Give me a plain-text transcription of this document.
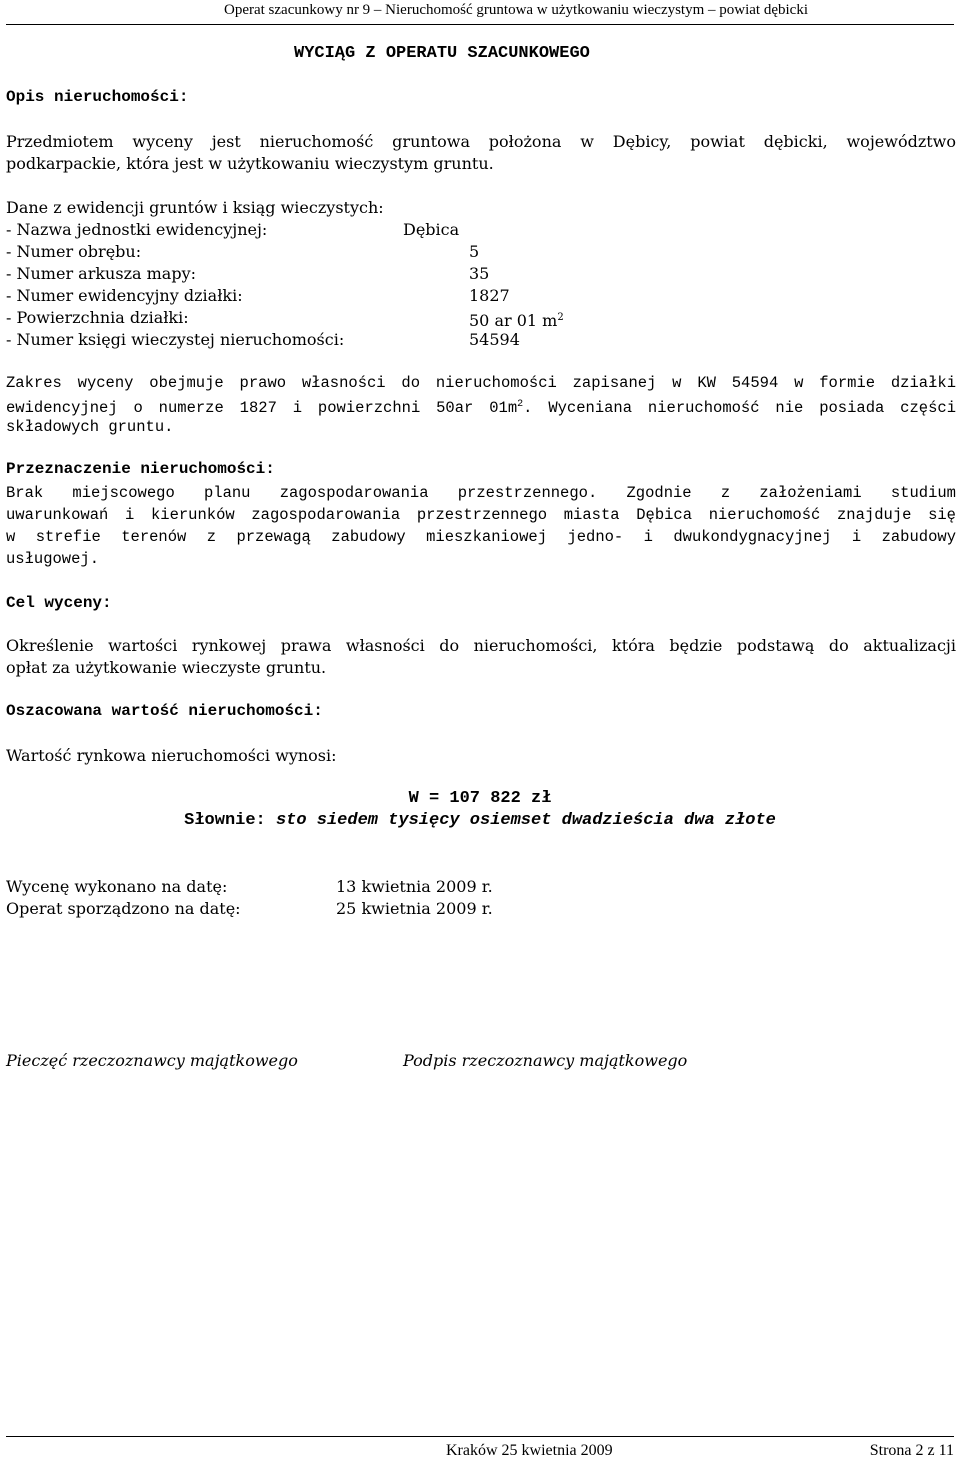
Operat szacunkowy nr 9 – Nieruchomość gruntowa w użytkowaniu wieczystym – powiat dębicki
WYCIĄG Z OPERATU SZACUNKOWEGO
Opis nieruchomości:
Przedmiotem wyceny jest nieruchomość gruntowa położona w Dębicy, powiat dębicki, województwo
podkarpackie, która jest w użytkowaniu wieczystym gruntu.
Dane z ewidencji gruntów i ksiąg wieczystych:
- Nazwa jednostki ewidencyjnej:	Dębica
- Numer obrębu:	5
- Numer arkusza mapy:	35
- Numer ewidencyjny działki:	1827
- Powierzchnia działki:	50 ar 01 $m^2$
- Numer księgi wieczystej nieruchomości:	54594
Zakres wyceny obejmuje prawo własności do nieruchomości zapisanej w KW 54594 w formie działki
ewidencyjnej o numerze 1827 i powierzchni 50ar $01m^2$. Wyceniana nieruchomość nie posiada części
składowych gruntu.
Przeznaczenie nieruchomości:
Brak miejscowego planu zagospodarowania przestrzennego. Zgodnie z założeniami studium
uwarunkowań i kierunków zagospodarowania przestrzennego miasta Dębica nieruchomość znajduje się
w strefie terenów z przewagą zabudowy mieszkaniowej jedno- i dwukondygnacyjnej i zabudowy
usługowej.
Cel wyceny:
Określenie wartości rynkowej prawa własności do nieruchomości, która będzie podstawą do aktualizacji
opłat za użytkowanie wieczyste gruntu.
Oszacowana wartość nieruchomości:
Wartość rynkowa nieruchomości wynosi:
W = 107 822 zł
Słownie: sto siedem tysięcy osiemset dwadzieścia dwa złote
Wycenę wykonano na datę:	13 kwietnia 2009 r.
Operat sporządzono na datę:	25 kwietnia 2009 r.
Pieczęć rzeczoznawcy majątkowego	Podpis rzeczoznawcy majątkowego
Kraków 25 kwietnia 2009	Strona 2 z 11
